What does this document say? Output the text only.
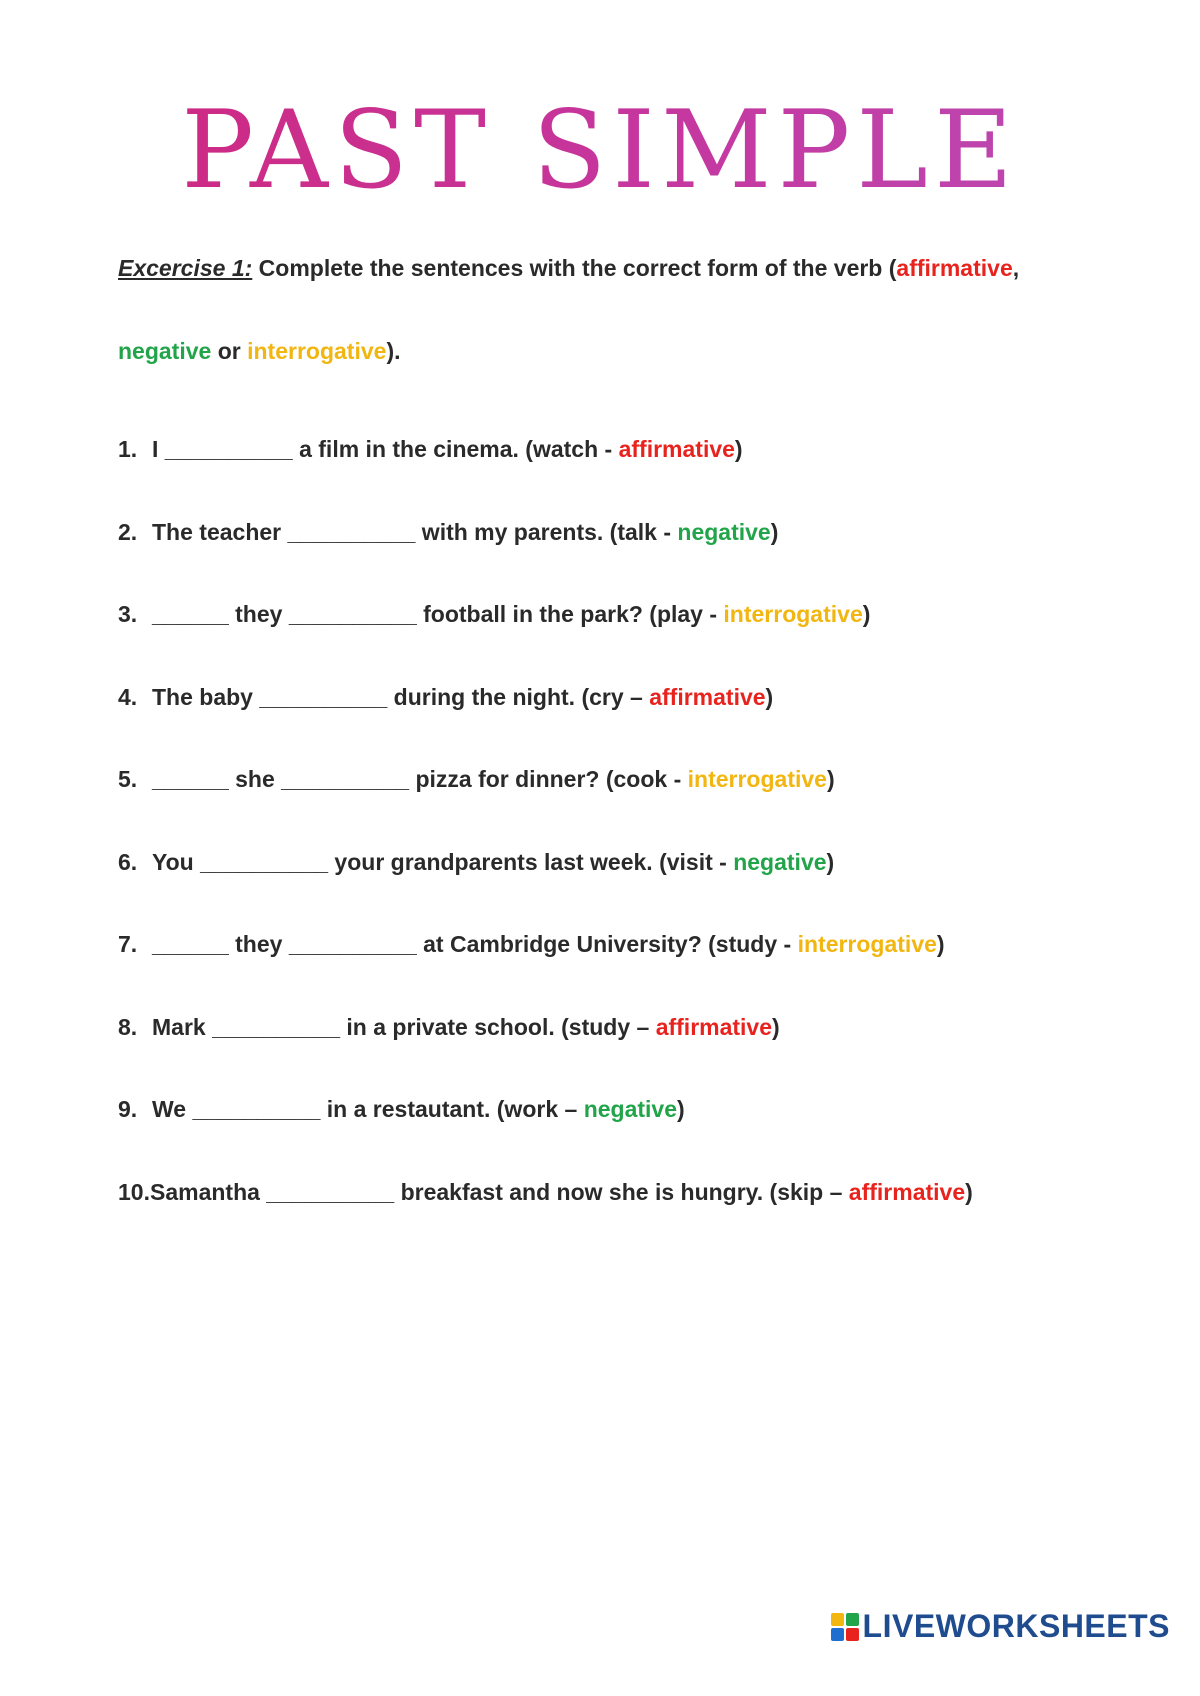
PAST SIMPLE
Excercise 1: Complete the sentences with the correct form of the verb (affirmative,
negative or interrogative).
1. I __________ a film in the cinema. (watch - affirmative)
2. The teacher __________ with my parents. (talk - negative)
3. ______ they __________ football in the park? (play - interrogative)
4. The baby __________ during the night. (cry – affirmative)
5. ______ she __________ pizza for dinner? (cook - interrogative)
6. You __________ your grandparents last week. (visit - negative)
7. ______ they __________ at Cambridge University? (study - interrogative)
8. Mark __________ in a private school. (study – affirmative)
9. We __________ in a restautant. (work – negative)
10.Samantha __________ breakfast and now she is hungry. (skip – affirmative)
LIVEWORKSHEETS
